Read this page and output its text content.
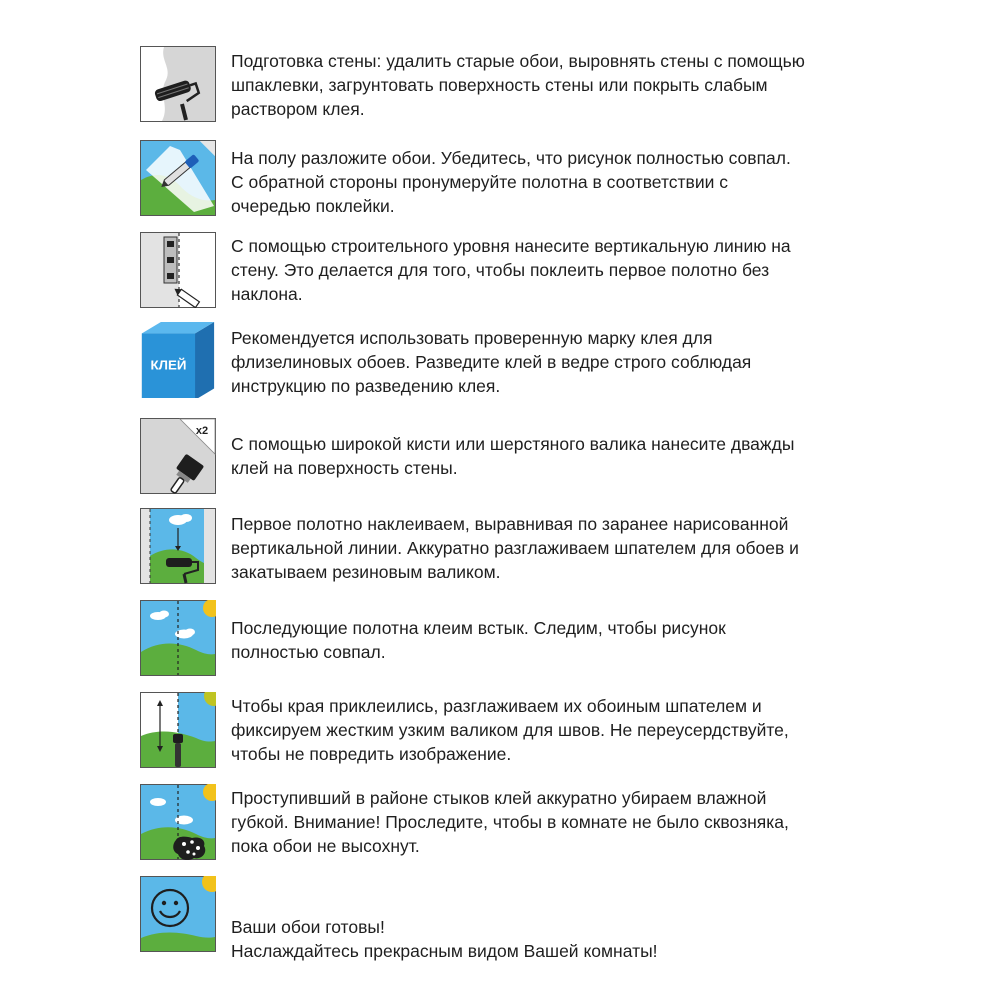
Подготовка стены: удалить старые обои, выровнять стены с помощью
шпаклевки, загрунтовать поверхность стены или покрыть слабым
раствором клея.
На полу разложите обои. Убедитесь, что рисунок полностью совпал.
С обратной стороны пронумеруйте полотна в соответствии с
очередью поклейки.
С помощью строительного уровня нанесите вертикальную линию на
стену. Это делается для того, чтобы поклеить первое полотно без
наклона.
КЛЕЙ
Рекомендуется использовать проверенную марку клея для
флизелиновых обоев. Разведите клей в ведре строго соблюдая
инструкцию по разведению клея.
x2
С помощью широкой кисти или шерстяного валика нанесите дважды
клей на поверхность стены.
Первое полотно наклеиваем, выравнивая по заранее нарисованной
вертикальной линии. Аккуратно разглаживаем шпателем для обоев и
закатываем резиновым валиком.
Последующие полотна клеим встык. Следим, чтобы рисунок
полностью совпал.
Чтобы края приклеились, разглаживаем их обоиным шпателем и
фиксируем жестким узким валиком для швов. Не переусердствуйте,
чтобы не повредить изображение.
Проступивший в районе стыков клей аккуратно убираем влажной
губкой. Внимание! Проследите, чтобы в комнате не было сквозняка,
пока обои не высохнут.
Ваши обои готовы!
Наслаждайтесь прекрасным видом Вашей комнаты!
